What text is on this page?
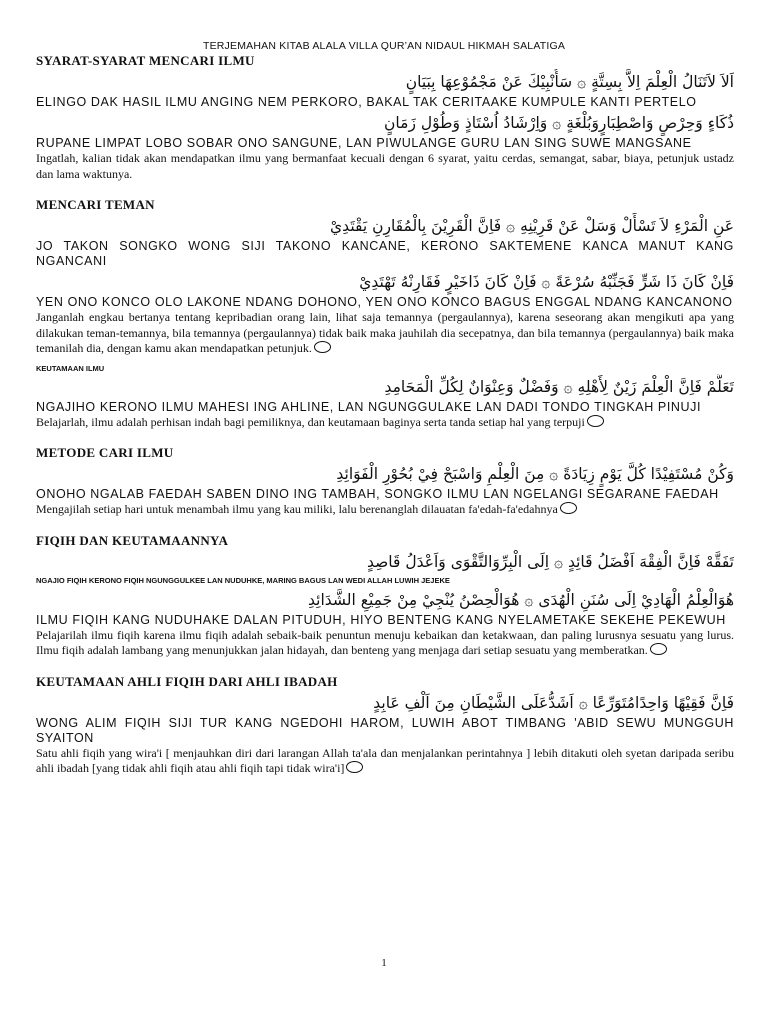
TERJEMAHAN KITAB ALALA VILLA QUR’AN NIDAUL HIKMAH SALATIGA

SYARAT-SYARAT MENCARI ILMU

اَلاَ لاَتَنَالُ الْعِلْمَ اِلاَّ بِسِتَّةٍ ۞ سَأُنْبِيْكَ عَنْ مَجْمُوْعِهَا بِبَيَانٍ

ELINGO DAK HASIL ILMU ANGING NEM PERKORO, BAKAL TAK CERITAAKE KUMPULE KANTI PERTELO

ذُكَاءٍ وَحِرْصٍ وَاصْطِبَارٍوَبُلْغَةٍ ۞ وَاِرْشَادُ اُسْتَاذٍ وَطُوْلِ زَمَانٍ

RUPANE LIMPAT LOBO SOBAR ONO SANGUNE, LAN PIWULANGE GURU LAN SING SUWE MANGSANE

Ingatlah, kalian tidak akan mendapatkan ilmu yang bermanfaat kecuali dengan 6 syarat, yaitu cerdas, semangat, sabar, biaya, petunjuk ustadz dan lama waktunya.

MENCARI TEMAN

عَنِ الْمَرْءِ لاَ تَسْأَلْ وَسَلْ عَنْ قَرِيْنِهِ ۞ فَاِنَّ الْقَرِيْنَ بِالْمُقَارِنِ يَقْتَدِيْ

JO TAKON SONGKO WONG SIJI TAKONO KANCANE, KERONO SAKTEMENE KANCA MANUT KANG NGANCANI

فَاِنْ كَانَ ذَا شَرٍّ فَجَنِّبْهُ سُرْعَةً ۞ فَاِنْ كَانَ ذَاخَيْرٍ فَقَارِنْهُ تَهْتَدِيْ

YEN ONO KONCO OLO LAKONE NDANG DOHONO, YEN ONO KONCO BAGUS ENGGAL NDANG KANCANONO

Janganlah engkau bertanya tentang kepribadian orang lain, lihat saja temannya (pergaulannya), karena seseorang akan mengikuti apa yang dilakukan teman-temannya, bila temannya (pergaulannya) tidak baik maka jauhilah dia secepatnya, dan bila temannya (pergaulannya) baik maka temanilah dia, dengan kamu akan mendapatkan petunjuk.

KEUTAMAAN ILMU

تَعَلَّمْ فَاِنَّ الْعِلْمَ زَيْنٌ لِأَهْلِهِ ۞ وَفَضْلٌ وَعِنْوَانٌ لِكُلِّ الْمَحَامِدِ

NGAJIHO KERONO ILMU MAHESI ING AHLINE, LAN NGUNGGULAKE LAN DADI TONDO TINGKAH PINUJI

Belajarlah, ilmu adalah perhisan indah bagi pemiliknya, dan keutamaan baginya serta tanda setiap hal yang terpuji

METODE CARI ILMU

وَكُنْ مُسْتَفِيْدًا كُلَّ يَوْمٍ زِيَادَةً ۞ مِنَ الْعِلْمِ وَاسْبَحْ فِيْ بُحُوْرِ الْفَوَائِدِ

ONOHO NGALAB FAEDAH SABEN DINO ING TAMBAH, SONGKO ILMU LAN NGELANGI SEGARANE FAEDAH

Mengajilah setiap hari untuk menambah ilmu yang kau miliki, lalu berenanglah dilauatan fa'edah-fa'edahnya

FIQIH DAN KEUTAMAANNYA

تَفَقَّهْ فَاِنَّ الْفِقْهَ اَفْضَلُ قَائِدٍ ۞ اِلَى الْبِرِّوَالتَّقْوَى وَاَعْدَلُ قَاصِدٍ

NGAJIO FIQIH KERONO FIQIH NGUNGGULKEE LAN NUDUHKE, MARING BAGUS LAN WEDI ALLAH LUWIH JEJEKE

هُوَالْعِلْمُ الْهَادِيْ اِلَى سُنَنِ الْهُدَى ۞ هُوَالْحِصْنُ يُنْجِيْ مِنْ جَمِيْعِ الشَّدَائِدِ

ILMU FIQIH KANG NUDUHAKE DALAN PITUDUH, HIYO BENTENG KANG NYELAMETAKE SEKEHE PEKEWUH

Pelajarilah ilmu fiqih karena ilmu fiqih adalah sebaik-baik penuntun menuju kebaikan dan ketakwaan, dan paling lurusnya sesuatu yang lurus. Ilmu fiqih adalah lambang yang menunjukkan jalan hidayah, dan benteng yang menjaga dari setiap sesuatu yang memberatkan.

KEUTAMAAN AHLI FIQIH DARI AHLI IBADAH

فَاِنَّ فَقِيْهًا وَاحِدًامُتَوَرِّعًا ۞ اَشَدُّعَلَى الشَّيْطَانِ مِنَ اَلْفِ عَابِدٍ

WONG ALIM FIQIH SIJI TUR KANG NGEDOHI HAROM, LUWIH ABOT TIMBANG 'ABID SEWU MUNGGUH SYAITON

Satu ahli fiqih yang wira'i [ menjauhkan diri dari larangan Allah ta'ala dan menjalankan perintahnya ] lebih ditakuti oleh syetan daripada seribu ahli ibadah [yang tidak ahli fiqih atau ahli fiqih tapi tidak wira'i]

1
